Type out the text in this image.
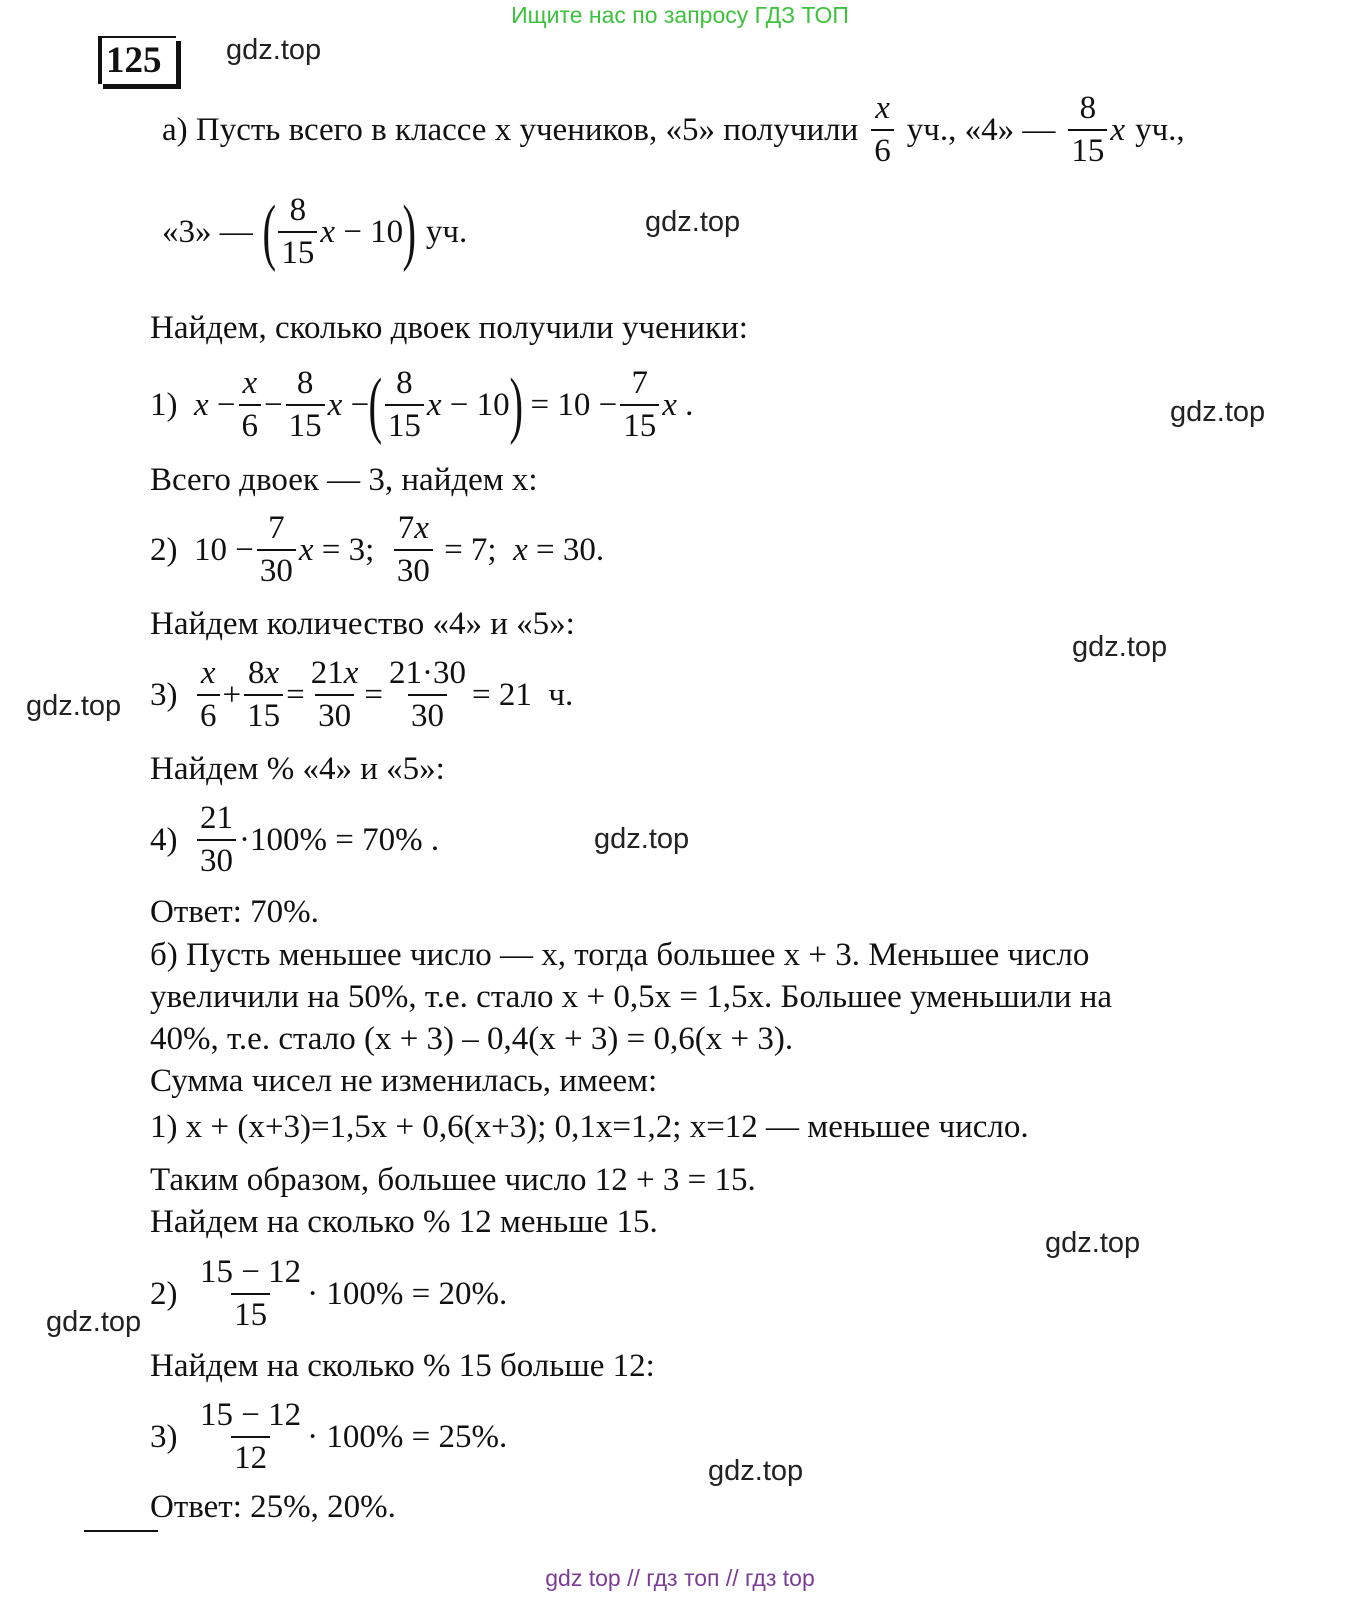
Ищите нас по запросу ГДЗ ТОП
125	gdz.top
gdz.top
gdz.top
gdz.top
gdz.top
gdz.top
gdz.top
gdz.top
gdz.top
а) Пусть всего в классе x учеников, «5» получили $\frac{x}{6}$ уч., «4» — $\frac{8}{15}$ x уч.,
«3» — ( $\frac{8}{15}$ x − 10 ) уч.
Найдем, сколько двоек получили ученики:
1)
$x - \frac{x}{6} - \frac{8}{15}$ x − ( $\frac{8}{15}$ x − 10 ) = $10 - \frac{7}{15}$ x .
Всего двоек — 3, найдем x:
2) $10 - \frac{7}{30}$ x = 3; $\frac{7x}{30} = 7$; x = 30.
Найдем количество «4» и «5»:
3)
$\frac{x}{6} + \frac{8x}{15} = \frac{21x}{30} = \frac{21\cdot 30}{30} = 21$ ч.
Найдем % «4» и «5»:
4)
$\frac{21}{30} \cdot 100\% = 70\%$ .
Ответ: 70%.
б) Пусть меньшее число — x, тогда большее x + 3. Меньшее число
увеличили на 50%, т.е. стало x + 0,5x = 1,5x. Большее уменьшили на
40%, т.е. стало (x + 3) – 0,4(x + 3) = 0,6(x + 3).
Сумма чисел не изменилась, имеем:
1) x + (x+3)=1,5x + 0,6(x+3); 0,1x=1,2; x=12 — меньшее число.
Таким образом, большее число 12 + 3 = 15.
Найдем на сколько % 12 меньше 15.
2)
$\frac{15 - 12}{15} \cdot 100\% = 20\%$.
Найдем на сколько % 15 больше 12:
3)
$\frac{15 - 12}{12} \cdot 100\% = 25\%$.
Ответ: 25%, 20%.
gdz top // гдз топ // гдз top
